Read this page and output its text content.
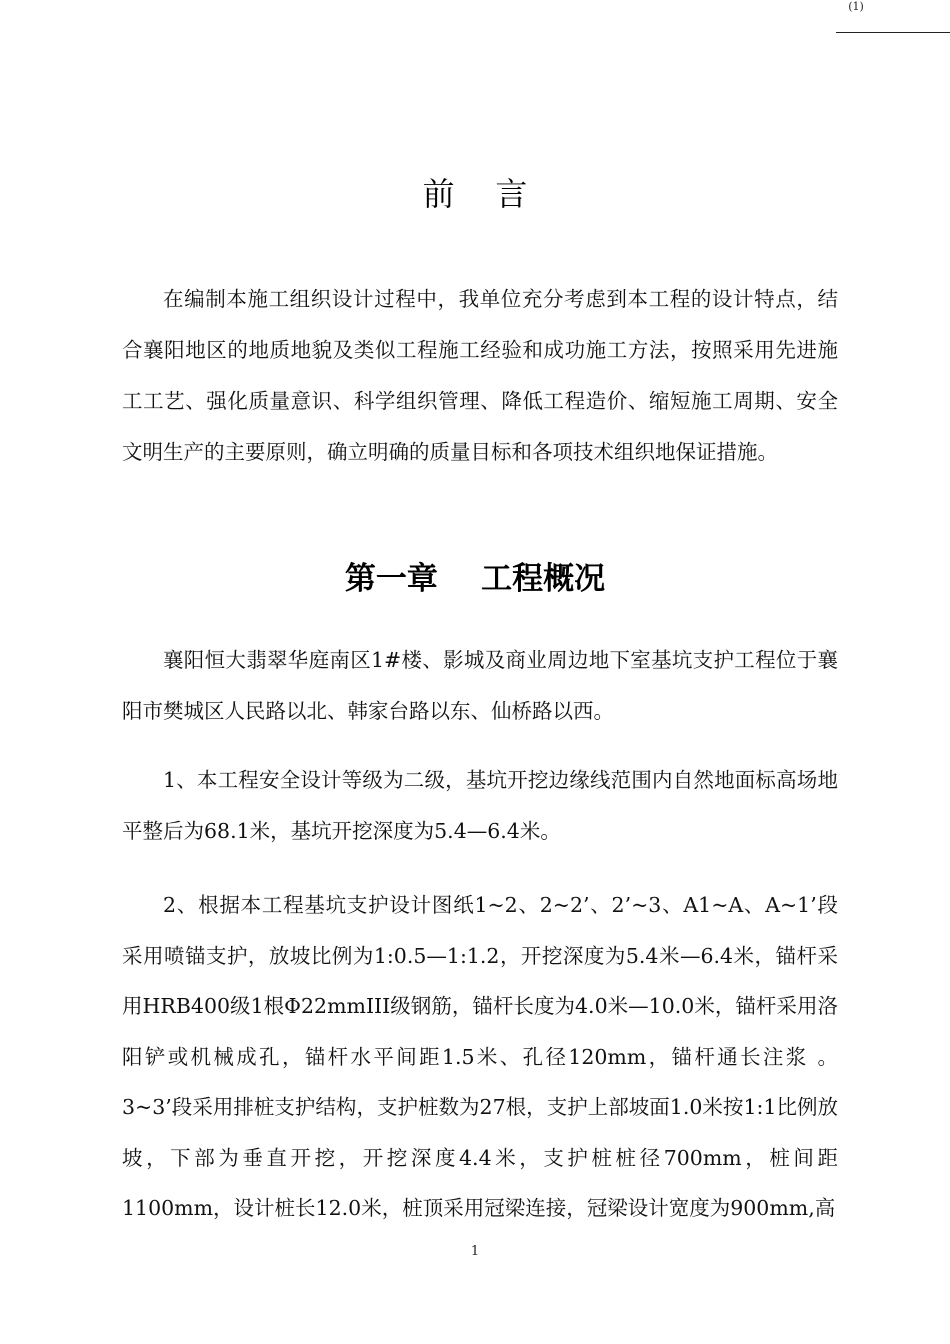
(1)
前    言

在编制本施工组织设计过程中，我单位充分考虑到本工程的设计特点，结合襄阳地区的地质地貌及类似工程施工经验和成功施工方法，按照采用先进施工工艺、强化质量意识、科学组织管理、降低工程造价、缩短施工周期、安全文明生产的主要原则，确立明确的质量目标和各项技术组织地保证措施。

第一章    工程概况

襄阳恒大翡翠华庭南区1#楼、影城及商业周边地下室基坑支护工程位于襄阳市樊城区人民路以北、韩家台路以东、仙桥路以西。

1、本工程安全设计等级为二级，基坑开挖边缘线范围内自然地面标高场地平整后为68.1米，基坑开挖深度为5.4—6.4米。

2、根据本工程基坑支护设计图纸1~2、2~2’、2’~3、A1~A、A~1’段采用喷锚支护，放坡比例为1:0.5—1:1.2，开挖深度为5.4米—6.4米，锚杆采用HRB400级1根Φ22mmIII级钢筋，锚杆长度为4.0米—10.0米，锚杆采用洛阳铲或机械成孔，锚杆水平间距1.5米、孔径120mm，锚杆通长注浆 。3~3’段采用排桩支护结构，支护桩数为27根，支护上部坡面1.0米按1:1比例放坡，下部为垂直开挖，开挖深度4.4米，支护桩桩径700mm，桩间距1100mm，设计桩长12.0米，桩顶采用冠梁连接，冠梁设计宽度为900mm,高

1
